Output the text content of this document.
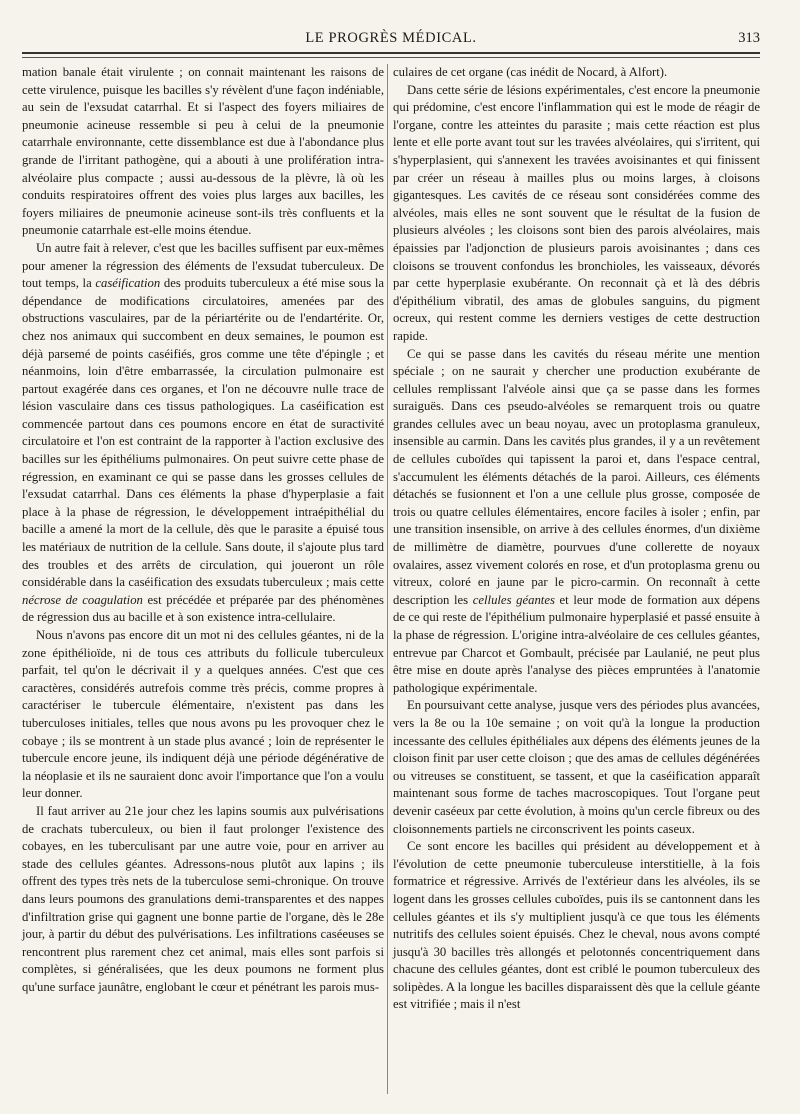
LE PROGRÈS MÉDICAL.	313

mation banale était virulente ; on connait maintenant les raisons de cette virulence, puisque les bacilles s'y révèlent d'une façon indéniable, au sein de l'exsudat catarrhal. Et si l'aspect des foyers miliaires de pneumonie acineuse ressemble si peu à celui de la pneumonie catarrhale environnante, cette dissemblance est due à l'abondance plus grande de l'irritant pathogène, qui a abouti à une prolifération intra-alvéolaire plus compacte ; aussi au-dessous de la plèvre, là où les conduits respiratoires offrent des voies plus larges aux bacilles, les foyers miliaires de pneumonie acineuse sont-ils très confluents et la pneumonie catarrhale est-elle moins étendue.

Un autre fait à relever, c'est que les bacilles suffisent par eux-mêmes pour amener la régression des éléments de l'exsudat tuberculeux. De tout temps, la caséification des produits tuberculeux a été mise sous la dépendance de modifications circulatoires, amenées par des obstructions vasculaires, par de la périartérite ou de l'endartérite. Or, chez nos animaux qui succombent en deux semaines, le poumon est déjà parsemé de points caséifiés, gros comme une tête d'épingle ; et néanmoins, loin d'être embarrassée, la circulation pulmonaire est partout exagérée dans ces organes, et l'on ne découvre nulle trace de lésion vasculaire dans ces tissus pathologiques. La caséification est commencée partout dans ces poumons encore en état de suractivité circulatoire et l'on est contraint de la rapporter à l'action exclusive des bacilles sur les épithéliums pulmonaires. On peut suivre cette phase de régression, en examinant ce qui se passe dans les grosses cellules de l'exsudat catarrhal. Dans ces éléments la phase d'hyperplasie a fait place à la phase de régression, le développement intraépithélial du bacille a amené la mort de la cellule, dès que le parasite a épuisé tous les matériaux de nutrition de la cellule. Sans doute, il s'ajoute plus tard des troubles et des arrêts de circulation, qui joueront un rôle considérable dans la caséification des exsudats tuberculeux ; mais cette nécrose de coagulation est précédée et préparée par des phénomènes de régression dus au bacille et à son existence intra-cellulaire.

Nous n'avons pas encore dit un mot ni des cellules géantes, ni de la zone épithélioïde, ni de tous ces attributs du follicule tuberculeux parfait, tel qu'on le décrivait il y a quelques années. C'est que ces caractères, considérés autrefois comme très précis, comme propres à caractériser le tubercule élémentaire, n'existent pas dans les tuberculoses initiales, telles que nous avons pu les provoquer chez le cobaye ; ils se montrent à un stade plus avancé ; loin de représenter le tubercule encore jeune, ils indiquent déjà une période dégénérative de la néoplasie et ils ne sauraient donc avoir l'importance que l'on a voulu leur donner.

Il faut arriver au 21e jour chez les lapins soumis aux pulvérisations de crachats tuberculeux, ou bien il faut prolonger l'existence des cobayes, en les tuberculisant par une autre voie, pour en arriver au stade des cellules géantes. Adressons-nous plutôt aux lapins ; ils offrent des types très nets de la tuberculose semi-chronique. On trouve dans leurs poumons des granulations demi-transparentes et des nappes d'infiltration grise qui gagnent une bonne partie de l'organe, dès le 28e jour, à partir du début des pulvérisations. Les infiltrations caséeuses se rencontrent plus rarement chez cet animal, mais elles sont parfois si complètes, si généralisées, que les deux poumons ne forment plus qu'une surface jaunâtre, englobant le cœur et pénétrant les parois mus-

culaires de cet organe (cas inédit de Nocard, à Alfort).

Dans cette série de lésions expérimentales, c'est encore la pneumonie qui prédomine, c'est encore l'inflammation qui est le mode de réagir de l'organe, contre les atteintes du parasite ; mais cette réaction est plus lente et elle porte avant tout sur les travées alvéolaires, qui s'irritent, qui s'hyperplasient, qui s'annexent les travées avoisinantes et qui finissent par créer un réseau à mailles plus ou moins larges, à cloisons gigantesques. Les cavités de ce réseau sont considérées comme des alvéoles, mais elles ne sont souvent que le résultat de la fusion de plusieurs alvéoles ; les cloisons sont bien des parois alvéolaires, mais épaissies par l'adjonction de plusieurs parois avoisinantes ; dans ces cloisons se trouvent confondus les bronchioles, les vaisseaux, dévorés par cette hyperplasie exubérante. On reconnait çà et là des débris d'épithélium vibratil, des amas de globules sanguins, du pigment ocreux, qui restent comme les derniers vestiges de cette destruction rapide.

Ce qui se passe dans les cavités du réseau mérite une mention spéciale ; on ne saurait y chercher une production exubérante de cellules remplissant l'alvéole ainsi que ça se passe dans les formes suraiguës. Dans ces pseudo-alvéoles se remarquent trois ou quatre grandes cellules avec un beau noyau, avec un protoplasma granuleux, insensible au carmin. Dans les cavités plus grandes, il y a un revêtement de cellules cuboïdes qui tapissent la paroi et, dans l'espace central, s'accumulent les éléments détachés de la paroi. Ailleurs, ces éléments détachés se fusionnent et l'on a une cellule plus grosse, composée de trois ou quatre cellules élémentaires, encore faciles à isoler ; enfin, par une transition insensible, on arrive à des cellules énormes, d'un dixième de millimètre de diamètre, pourvues d'une collerette de noyaux ovalaires, assez vivement colorés en rose, et d'un protoplasma grenu ou vitreux, coloré en jaune par le picro-carmin. On reconnaît à cette description les cellules géantes et leur mode de formation aux dépens de ce qui reste de l'épithélium pulmonaire hyperplasié et passé ensuite à la phase de régression. L'origine intra-alvéolaire de ces cellules géantes, entrevue par Charcot et Gombault, précisée par Laulanié, ne peut plus être mise en doute après l'analyse des pièces empruntées à l'anatomie pathologique expérimentale.

En poursuivant cette analyse, jusque vers des périodes plus avancées, vers la 8e ou la 10e semaine ; on voit qu'à la longue la production incessante des cellules épithéliales aux dépens des éléments jeunes de la cloison finit par user cette cloison ; que des amas de cellules dégénérées ou vitreuses se constituent, se tassent, et que la caséification apparaît maintenant sous forme de taches macroscopiques. Tout l'organe peut devenir caséeux par cette évolution, à moins qu'un cercle fibreux ou des cloisonnements partiels ne circonscrivent les points caseux.

Ce sont encore les bacilles qui président au développement et à l'évolution de cette pneumonie tuberculeuse interstitielle, à la fois formatrice et régressive. Arrivés de l'extérieur dans les alvéoles, ils se logent dans les grosses cellules cuboïdes, puis ils se cantonnent dans les cellules géantes et ils s'y multiplient jusqu'à ce que tous les éléments nutritifs des cellules soient épuisés. Chez le cheval, nous avons compté jusqu'à 30 bacilles très allongés et pelotonnés concentriquement dans chacune des cellules géantes, dont est criblé le poumon tuberculeux des solipèdes. A la longue les bacilles disparaissent dès que la cellule géante est vitrifiée ; mais il n'est
